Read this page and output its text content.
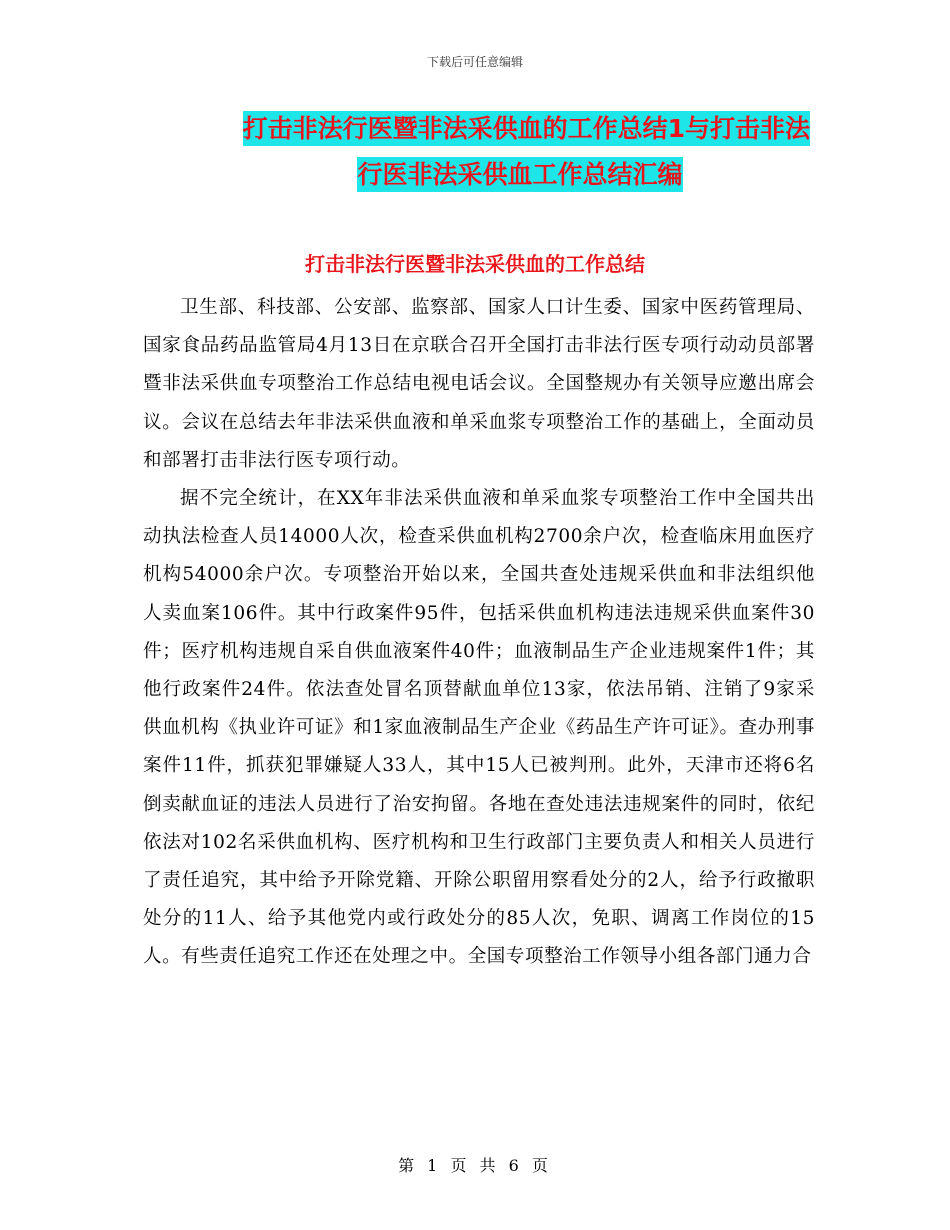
下载后可任意编辑
打击非法行医暨非法采供血的工作总结1与打击非法
行医非法采供血工作总结汇编
打击非法行医暨非法采供血的工作总结

卫生部、科技部、公安部、监察部、国家人口计生委、国家中医药管理局、国家食品药品监管局4月13日在京联合召开全国打击非法行医专项行动动员部署暨非法采供血专项整治工作总结电视电话会议。全国整规办有关领导应邀出席会议。会议在总结去年非法采供血液和单采血浆专项整治工作的基础上，全面动员和部署打击非法行医专项行动。

据不完全统计，在XX年非法采供血液和单采血浆专项整治工作中全国共出动执法检查人员14000人次，检查采供血机构2700余户次，检查临床用血医疗机构54000余户次。专项整治开始以来，全国共查处违规采供血和非法组织他人卖血案106件。其中行政案件95件，包括采供血机构违法违规采供血案件30件；医疗机构违规自采自供血液案件40件；血液制品生产企业违规案件1件；其他行政案件24件。依法查处冒名顶替献血单位13家，依法吊销、注销了9家采供血机构《执业许可证》和1家血液制品生产企业《药品生产许可证》。查办刑事案件11件，抓获犯罪嫌疑人33人，其中15人已被判刑。此外，天津市还将6名倒卖献血证的违法人员进行了治安拘留。各地在查处违法违规案件的同时，依纪依法对102名采供血机构、医疗机构和卫生行政部门主要负责人和相关人员进行了责任追究，其中给予开除党籍、开除公职留用察看处分的2人，给予行政撤职处分的11人、给予其他党内或行政处分的85人次，免职、调离工作岗位的15人。有些责任追究工作还在处理之中。全国专项整治工作领导小组各部门通力合

第 1 页 共 6 页
